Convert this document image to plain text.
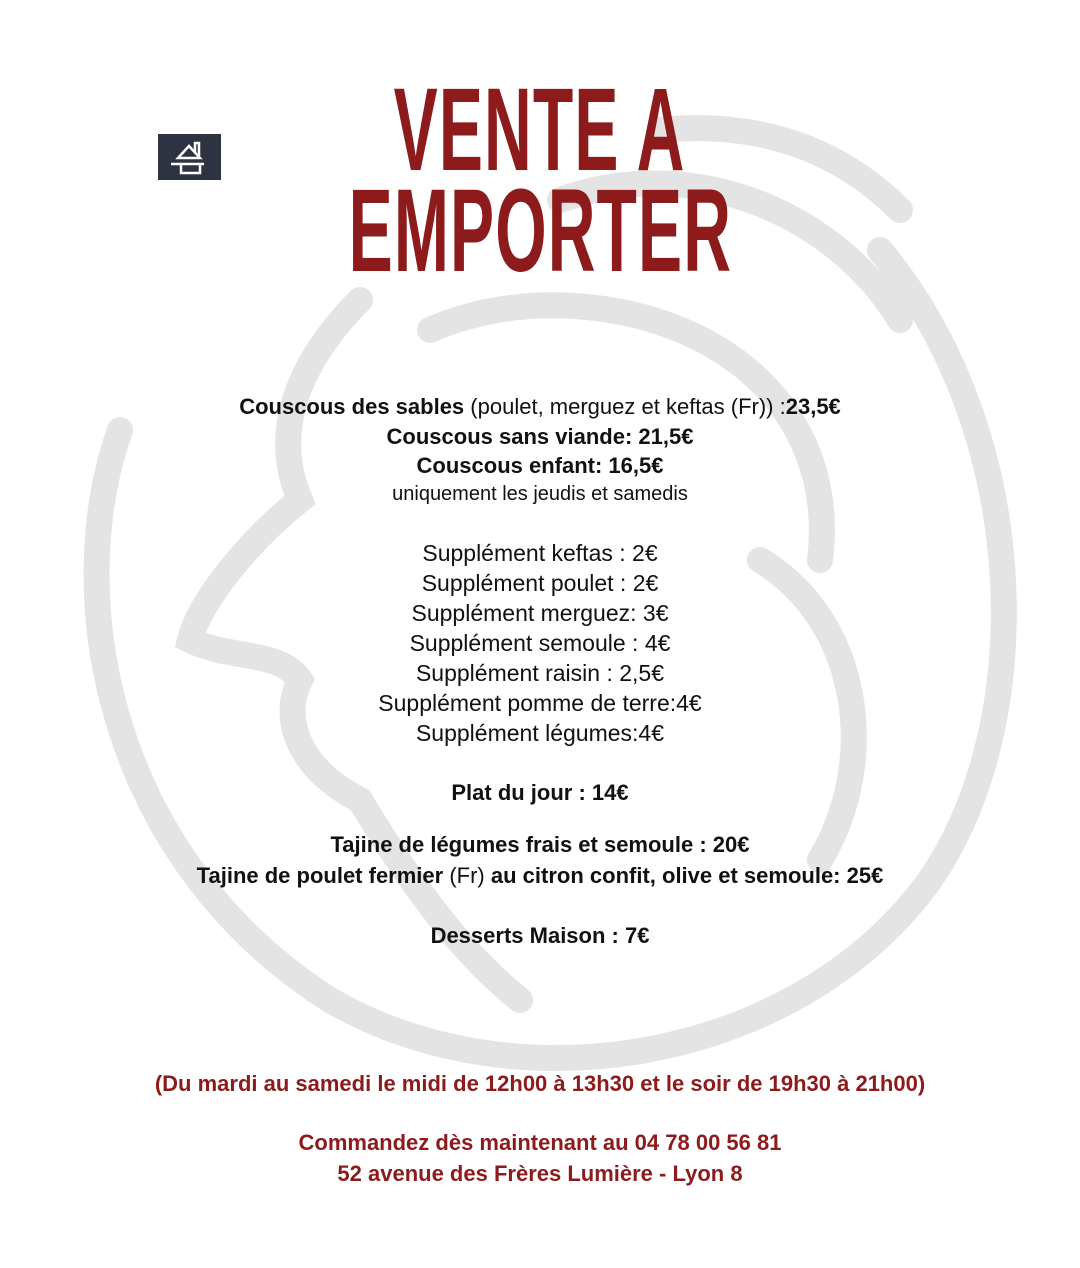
VENTE A
EMPORTER
Couscous des sables (poulet, merguez et keftas (Fr)) :23,5€
Couscous sans viande: 21,5€
Couscous enfant: 16,5€
uniquement les jeudis et samedis
Supplément keftas : 2€
Supplément poulet : 2€
Supplément merguez: 3€
Supplément semoule : 4€
Supplément raisin : 2,5€
Supplément pomme de terre:4€
Supplément légumes:4€
Plat du jour : 14€
Tajine de légumes frais et semoule : 20€
Tajine de poulet fermier (Fr) au citron confit, olive et semoule: 25€
Desserts Maison : 7€
(Du mardi au samedi le midi de 12h00 à 13h30 et le soir de 19h30 à 21h00)
Commandez dès maintenant au 04 78 00 56 81
52 avenue des Frères Lumière - Lyon 8
